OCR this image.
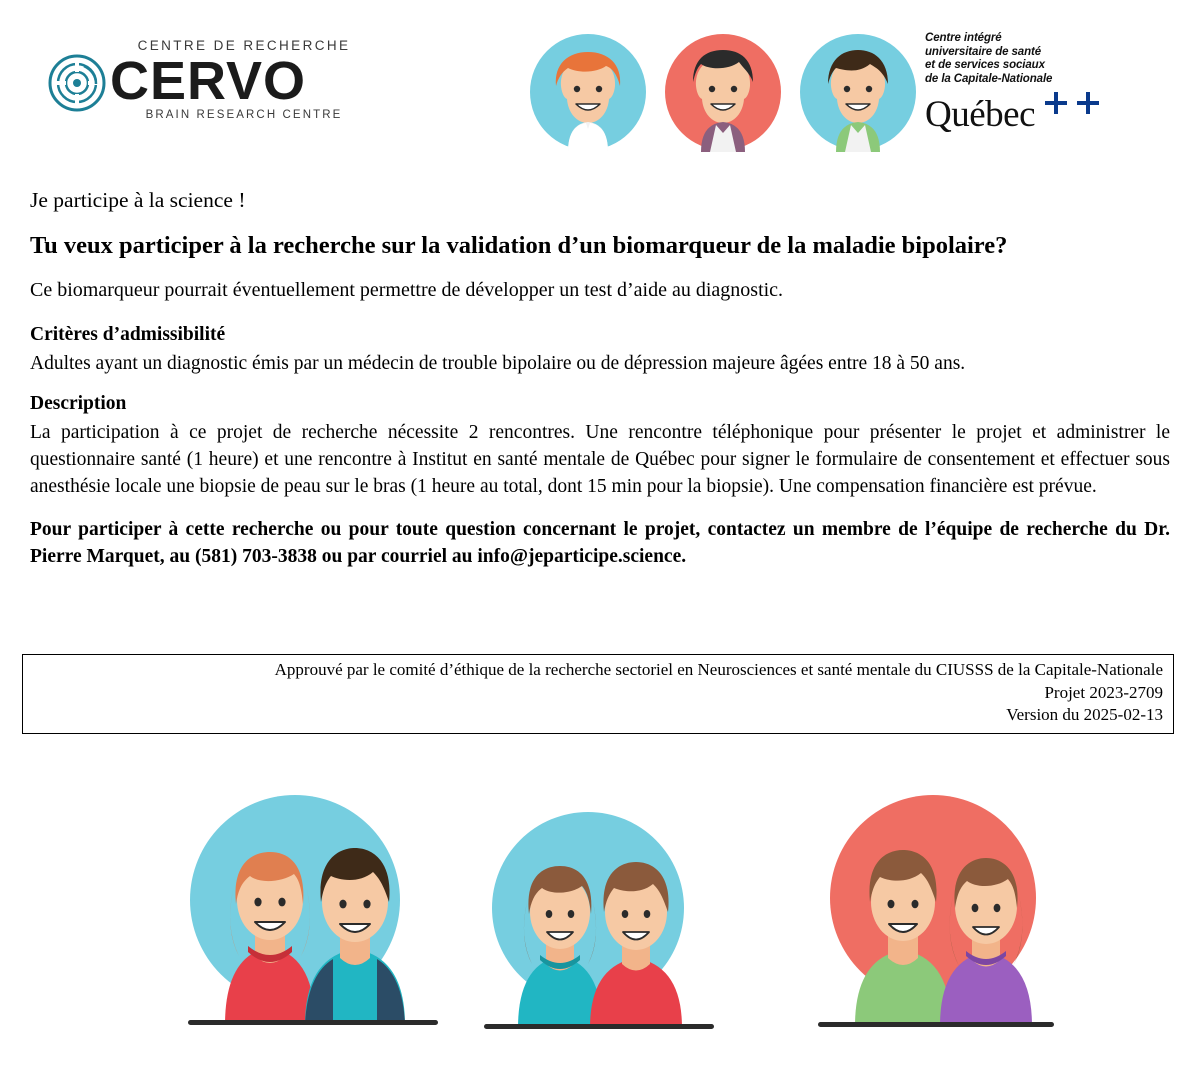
CENTRE DE RECHERCHE
CERVO
BRAIN RESEARCH CENTRE
Centre intégré
universitaire de santé
et de services sociaux
de la Capitale-Nationale
Québec

Je participe à la science !

Tu veux participer à la recherche sur la validation d’un biomarqueur de la maladie bipolaire?

Ce biomarqueur pourrait éventuellement permettre de développer un test d’aide au diagnostic.

Critères d’admissibilité

Adultes ayant un diagnostic émis par un médecin de trouble bipolaire ou de dépression majeure âgées entre 18 à 50 ans.

Description

La participation à ce projet de recherche nécessite 2 rencontres. Une rencontre téléphonique pour présenter le projet et administrer le questionnaire santé (1 heure) et une rencontre à Institut en santé mentale de Québec pour signer le formulaire de consentement et effectuer sous anesthésie locale une biopsie de peau sur le bras (1 heure au total, dont 15 min pour la biopsie). Une compensation financière est prévue.

Pour participer à cette recherche ou pour toute question concernant le projet, contactez un membre de l’équipe de recherche du Dr. Pierre Marquet, au (581) 703-3838 ou par courriel au info@jeparticipe.science.

Approuvé par le comité d’éthique de la recherche sectoriel en Neurosciences et santé mentale du CIUSSS de la Capitale-Nationale
Projet 2023-2709
Version du 2025-02-13
